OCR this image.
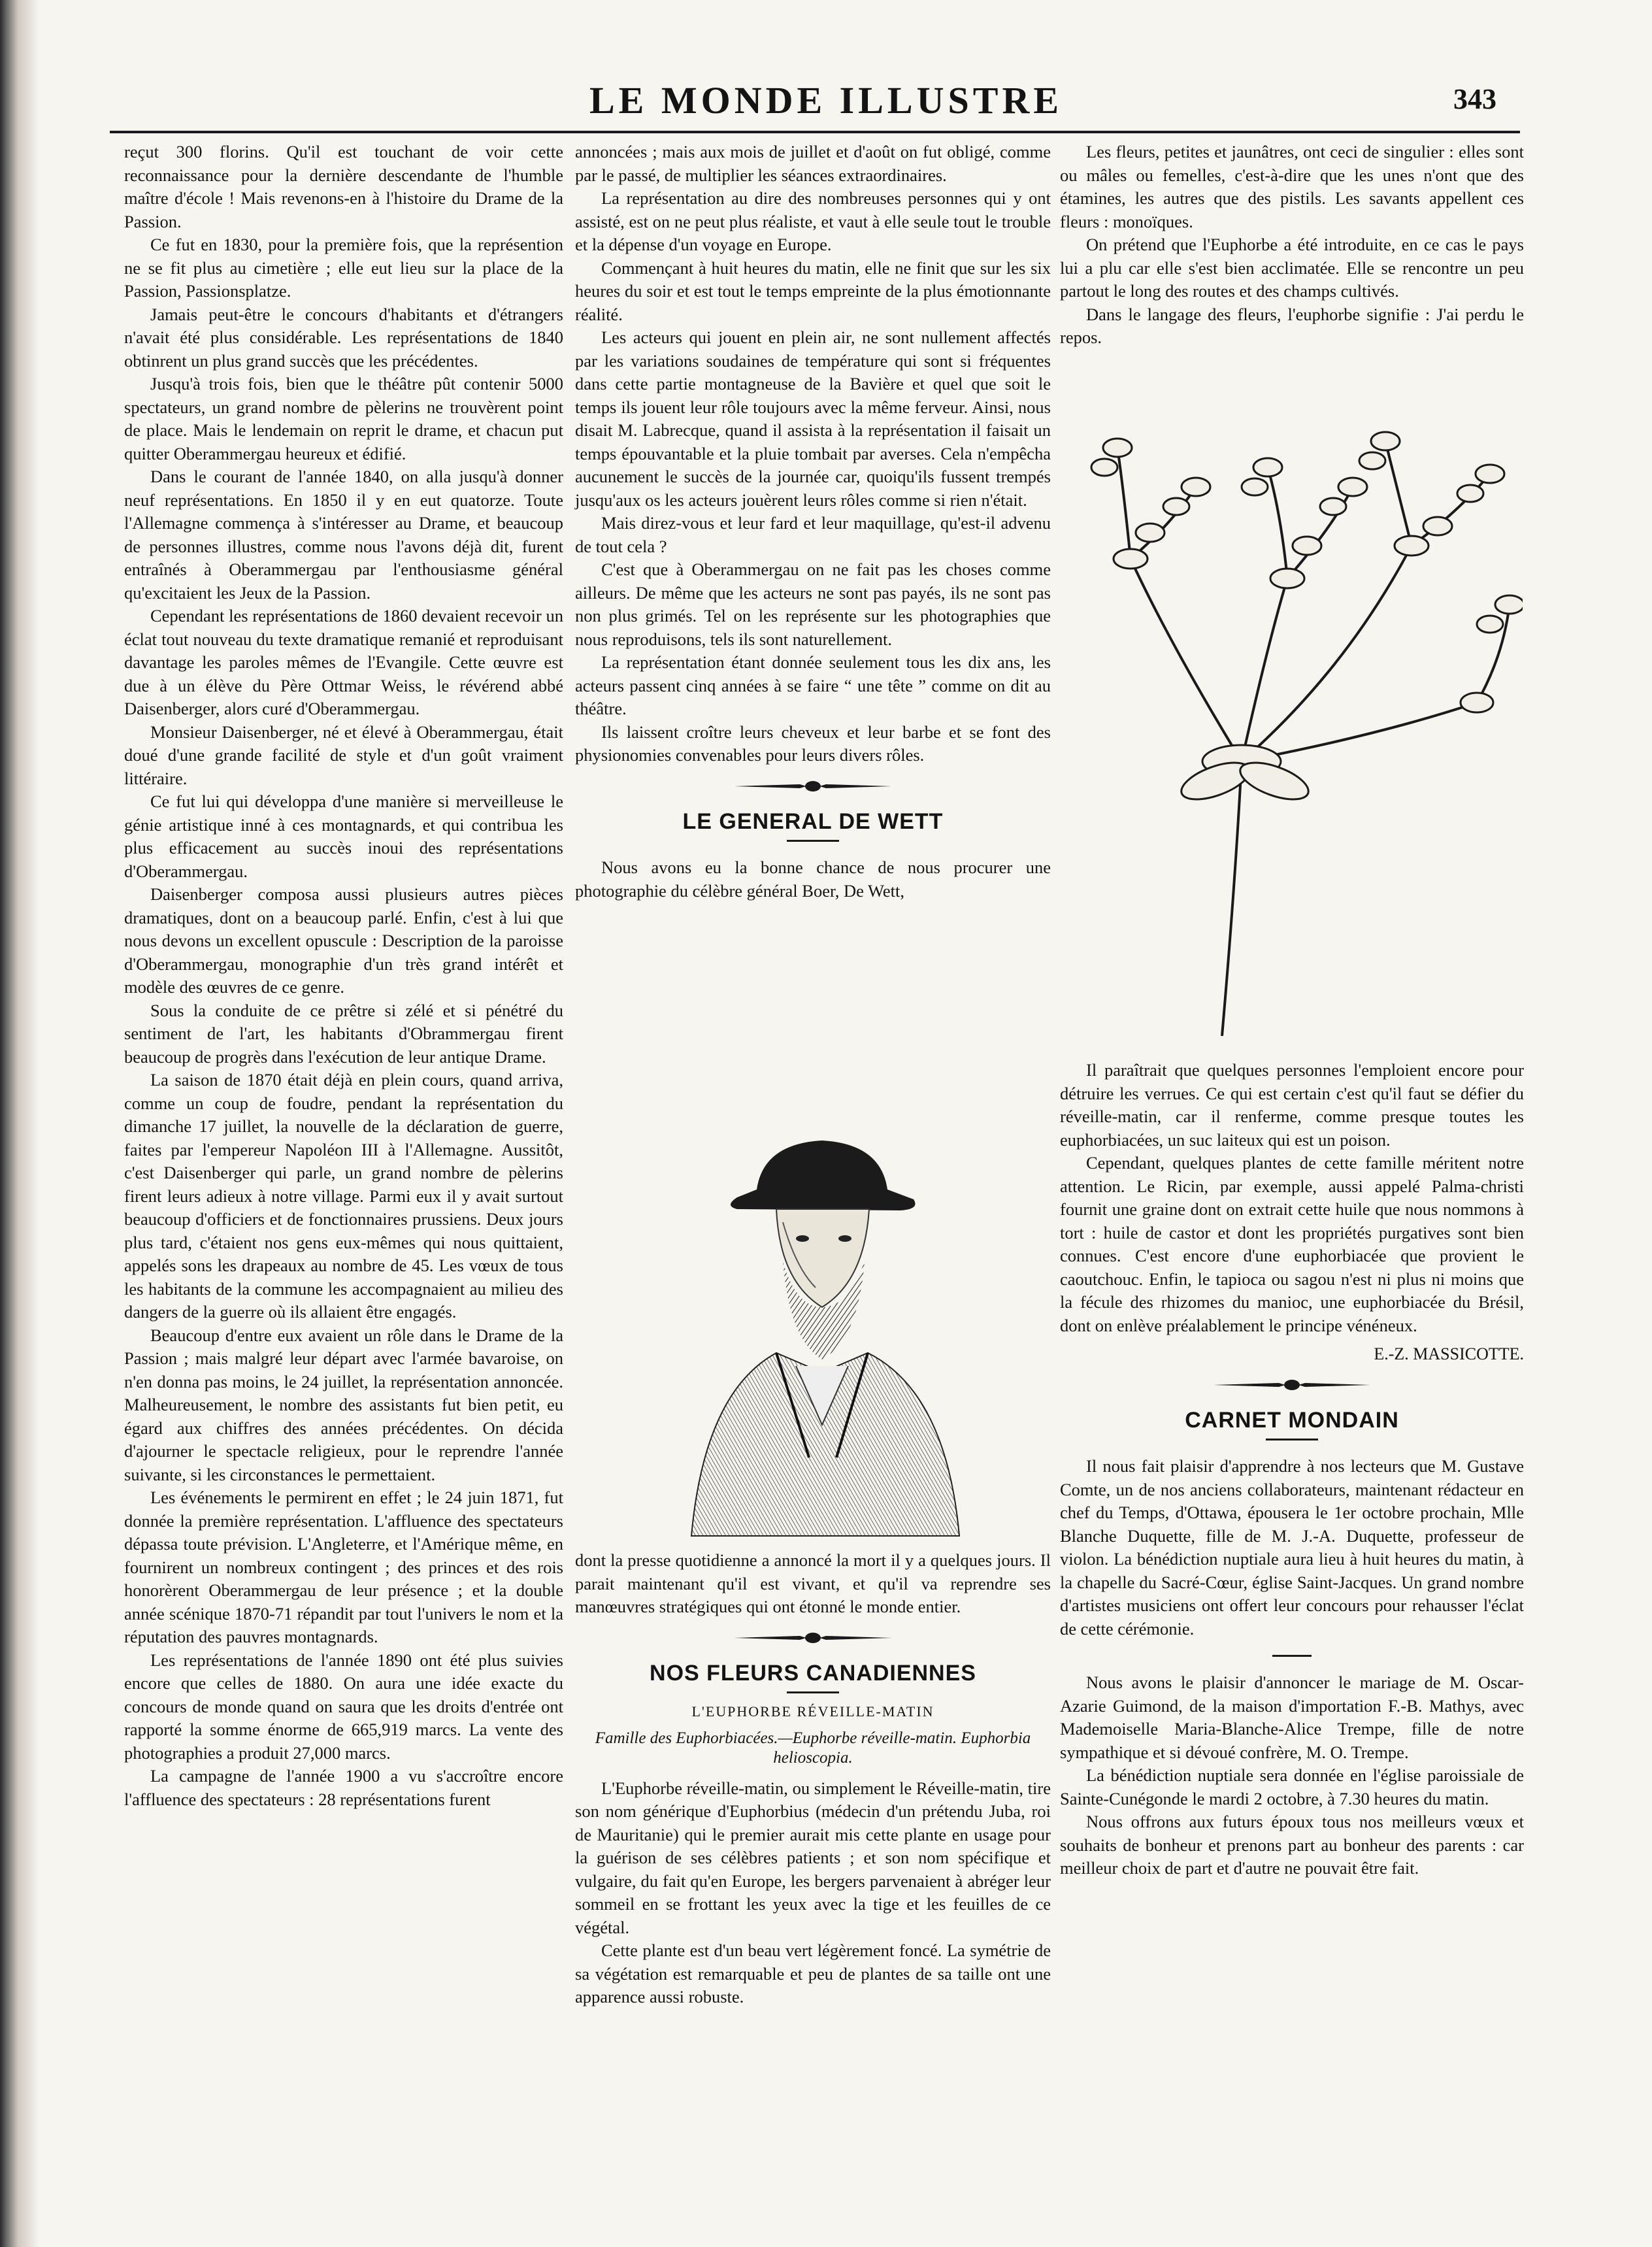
LE MONDE ILLUSTRE	343

reçut 300 florins. Qu'il est touchant de voir cette reconnaissance pour la dernière descendante de l'humble maître d'école ! Mais revenons-en à l'histoire du Drame de la Passion.

Ce fut en 1830, pour la première fois, que la représention ne se fit plus au cimetière ; elle eut lieu sur la place de la Passion, Passionsplatze.

Jamais peut-être le concours d'habitants et d'étrangers n'avait été plus considérable. Les représentations de 1840 obtinrent un plus grand succès que les précédentes.

Jusqu'à trois fois, bien que le théâtre pût contenir 5000 spectateurs, un grand nombre de pèlerins ne trouvèrent point de place. Mais le lendemain on reprit le drame, et chacun put quitter Oberammergau heureux et édifié.

Dans le courant de l'année 1840, on alla jusqu'à donner neuf représentations. En 1850 il y en eut quatorze. Toute l'Allemagne commença à s'intéresser au Drame, et beaucoup de personnes illustres, comme nous l'avons déjà dit, furent entraînés à Oberammergau par l'enthousiasme général qu'excitaient les Jeux de la Passion.

Cependant les représentations de 1860 devaient recevoir un éclat tout nouveau du texte dramatique remanié et reproduisant davantage les paroles mêmes de l'Evangile. Cette œuvre est due à un élève du Père Ottmar Weiss, le révérend abbé Daisenberger, alors curé d'Oberammergau.

Monsieur Daisenberger, né et élevé à Oberammergau, était doué d'une grande facilité de style et d'un goût vraiment littéraire.

Ce fut lui qui développa d'une manière si merveilleuse le génie artistique inné à ces montagnards, et qui contribua les plus efficacement au succès inoui des représentations d'Oberammergau.

Daisenberger composa aussi plusieurs autres pièces dramatiques, dont on a beaucoup parlé. Enfin, c'est à lui que nous devons un excellent opuscule : Description de la paroisse d'Oberammergau, monographie d'un très grand intérêt et modèle des œuvres de ce genre.

Sous la conduite de ce prêtre si zélé et si pénétré du sentiment de l'art, les habitants d'Obrammergau firent beaucoup de progrès dans l'exécution de leur antique Drame.

La saison de 1870 était déjà en plein cours, quand arriva, comme un coup de foudre, pendant la représentation du dimanche 17 juillet, la nouvelle de la déclaration de guerre, faites par l'empereur Napoléon III à l'Allemagne. Aussitôt, c'est Daisenberger qui parle, un grand nombre de pèlerins firent leurs adieux à notre village. Parmi eux il y avait surtout beaucoup d'officiers et de fonctionnaires prussiens. Deux jours plus tard, c'étaient nos gens eux-mêmes qui nous quittaient, appelés sons les drapeaux au nombre de 45. Les vœux de tous les habitants de la commune les accompagnaient au milieu des dangers de la guerre où ils allaient être engagés.

Beaucoup d'entre eux avaient un rôle dans le Drame de la Passion ; mais malgré leur départ avec l'armée bavaroise, on n'en donna pas moins, le 24 juillet, la représentation annoncée. Malheureusement, le nombre des assistants fut bien petit, eu égard aux chiffres des années précédentes. On décida d'ajourner le spectacle religieux, pour le reprendre l'année suivante, si les circonstances le permettaient.

Les événements le permirent en effet ; le 24 juin 1871, fut donnée la première représentation. L'affluence des spectateurs dépassa toute prévision. L'Angleterre, et l'Amérique même, en fournirent un nombreux contingent ; des princes et des rois honorèrent Oberammergau de leur présence ; et la double année scénique 1870-71 répandit par tout l'univers le nom et la réputation des pauvres montagnards.

Les représentations de l'année 1890 ont été plus suivies encore que celles de 1880. On aura une idée exacte du concours de monde quand on saura que les droits d'entrée ont rapporté la somme énorme de 665,919 marcs. La vente des photographies a produit 27,000 marcs.

La campagne de l'année 1900 a vu s'accroître encore l'affluence des spectateurs : 28 représentations furent

annoncées ; mais aux mois de juillet et d'août on fut obligé, comme par le passé, de multiplier les séances extraordinaires.

La représentation au dire des nombreuses personnes qui y ont assisté, est on ne peut plus réaliste, et vaut à elle seule tout le trouble et la dépense d'un voyage en Europe.

Commençant à huit heures du matin, elle ne finit que sur les six heures du soir et est tout le temps empreinte de la plus émotionnante réalité.

Les acteurs qui jouent en plein air, ne sont nullement affectés par les variations soudaines de température qui sont si fréquentes dans cette partie montagneuse de la Bavière et quel que soit le temps ils jouent leur rôle toujours avec la même ferveur. Ainsi, nous disait M. Labrecque, quand il assista à la représentation il faisait un temps épouvantable et la pluie tombait par averses. Cela n'empêcha aucunement le succès de la journée car, quoiqu'ils fussent trempés jusqu'aux os les acteurs jouèrent leurs rôles comme si rien n'était.

Mais direz-vous et leur fard et leur maquillage, qu'est-il advenu de tout cela ?

C'est que à Oberammergau on ne fait pas les choses comme ailleurs. De même que les acteurs ne sont pas payés, ils ne sont pas non plus grimés. Tel on les représente sur les photographies que nous reproduisons, tels ils sont naturellement.

La représentation étant donnée seulement tous les dix ans, les acteurs passent cinq années à se faire “ une tête ” comme on dit au théâtre.

Ils laissent croître leurs cheveux et leur barbe et se font des physionomies convenables pour leurs divers rôles.

LE GENERAL DE WETT

Nous avons eu la bonne chance de nous procurer une photographie du célèbre général Boer, De Wett,

dont la presse quotidienne a annoncé la mort il y a quelques jours. Il parait maintenant qu'il est vivant, et qu'il va reprendre ses manœuvres stratégiques qui ont étonné le monde entier.

NOS FLEURS CANADIENNES
L'EUPHORBE RÉVEILLE-MATIN
Famille des Euphorbiacées.—Euphorbe réveille-matin. Euphorbia helioscopia.

L'Euphorbe réveille-matin, ou simplement le Réveille-matin, tire son nom générique d'Euphorbius (médecin d'un prétendu Juba, roi de Mauritanie) qui le premier aurait mis cette plante en usage pour la guérison de ses célèbres patients ; et son nom spécifique et vulgaire, du fait qu'en Europe, les bergers parvenaient à abréger leur sommeil en se frottant les yeux avec la tige et les feuilles de ce végétal.

Cette plante est d'un beau vert légèrement foncé. La symétrie de sa végétation est remarquable et peu de plantes de sa taille ont une apparence aussi robuste.

Les fleurs, petites et jaunâtres, ont ceci de singulier : elles sont ou mâles ou femelles, c'est-à-dire que les unes n'ont que des étamines, les autres que des pistils. Les savants appellent ces fleurs : monoïques.

On prétend que l'Euphorbe a été introduite, en ce cas le pays lui a plu car elle s'est bien acclimatée. Elle se rencontre un peu partout le long des routes et des champs cultivés.

Dans le langage des fleurs, l'euphorbe signifie : J'ai perdu le repos.

Il paraîtrait que quelques personnes l'emploient encore pour détruire les verrues. Ce qui est certain c'est qu'il faut se défier du réveille-matin, car il renferme, comme presque toutes les euphorbiacées, un suc laiteux qui est un poison.

Cependant, quelques plantes de cette famille méritent notre attention. Le Ricin, par exemple, aussi appelé Palma-christi fournit une graine dont on extrait cette huile que nous nommons à tort : huile de castor et dont les propriétés purgatives sont bien connues. C'est encore d'une euphorbiacée que provient le caoutchouc. Enfin, le tapioca ou sagou n'est ni plus ni moins que la fécule des rhizomes du manioc, une euphorbiacée du Brésil, dont on enlève préalablement le principe vénéneux.

E.-Z. MASSICOTTE.
CARNET MONDAIN

Il nous fait plaisir d'apprendre à nos lecteurs que M. Gustave Comte, un de nos anciens collaborateurs, maintenant rédacteur en chef du Temps, d'Ottawa, épousera le 1er octobre prochain, Mlle Blanche Duquette, fille de M. J.-A. Duquette, professeur de violon. La bénédiction nuptiale aura lieu à huit heures du matin, à la chapelle du Sacré-Cœur, église Saint-Jacques. Un grand nombre d'artistes musiciens ont offert leur concours pour rehausser l'éclat de cette cérémonie.

Nous avons le plaisir d'annoncer le mariage de M. Oscar-Azarie Guimond, de la maison d'importation F.-B. Mathys, avec Mademoiselle Maria-Blanche-Alice Trempe, fille de notre sympathique et si dévoué confrère, M. O. Trempe.

La bénédiction nuptiale sera donnée en l'église paroissiale de Sainte-Cunégonde le mardi 2 octobre, à 7.30 heures du matin.

Nous offrons aux futurs époux tous nos meilleurs vœux et souhaits de bonheur et prenons part au bonheur des parents : car meilleur choix de part et d'autre ne pouvait être fait.
